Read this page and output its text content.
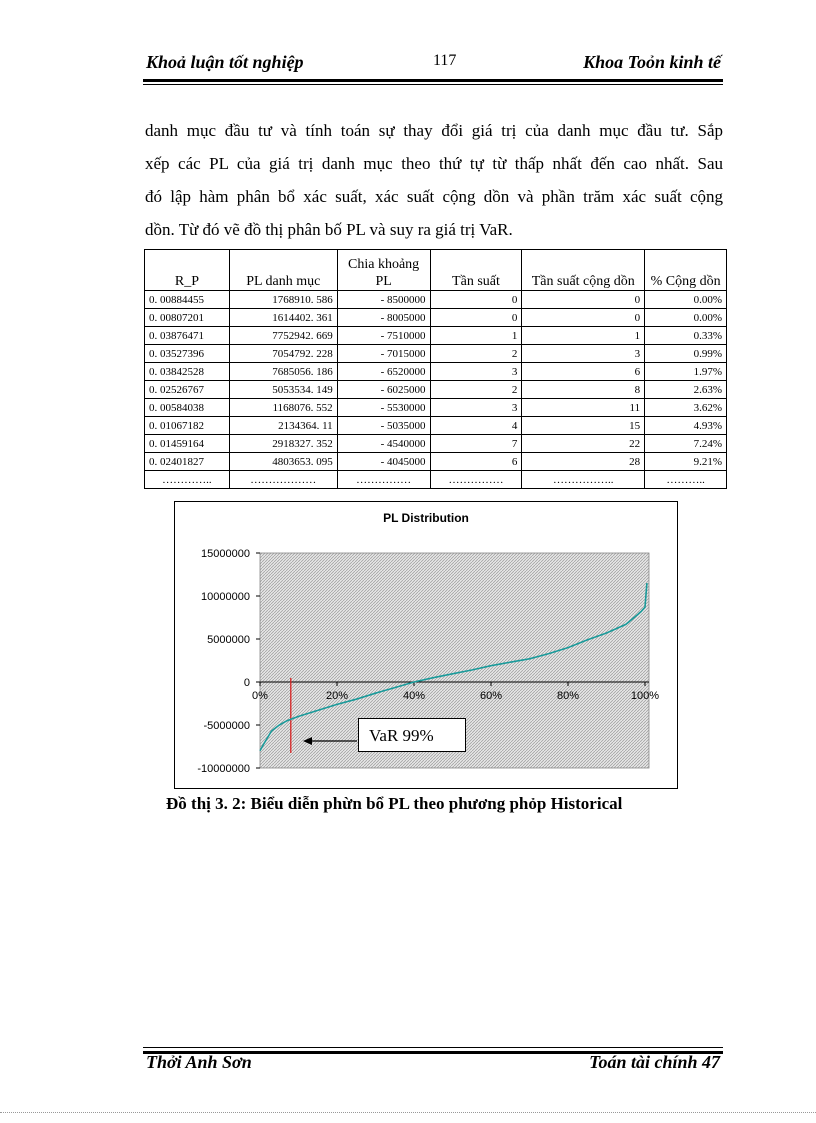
Khoả luận tốt nghiệp	117	Khoa Toỏn kinh tế
danh mục đầu tư và tính toán sự thay đổi giá trị của danh mục đầu tư. Sắp
xếp các PL của giá trị danh mục theo thứ tự từ thấp nhất đến cao nhất. Sau
đó lập hàm phân bổ xác suất, xác suất cộng dồn và phần trăm xác suất cộng
dồn. Từ đó vẽ đồ thị phân bố PL và suy ra giá trị VaR.
R_P	PL danh mục	Chia khoảng PL	Tần suất	Tần suất cộng dồn	% Cộng dồn
0. 00884455	1768910. 586	- 8500000	0	0	0.00%
0. 00807201	1614402. 361	- 8005000	0	0	0.00%
0. 03876471	7752942. 669	- 7510000	1	1	0.33%
0. 03527396	7054792. 228	- 7015000	2	3	0.99%
0. 03842528	7685056. 186	- 6520000	3	6	1.97%
0. 02526767	5053534. 149	- 6025000	2	8	2.63%
0. 00584038	1168076. 552	- 5530000	3	11	3.62%
0. 01067182	2134364. 11	- 5035000	4	15	4.93%
0. 01459164	2918327. 352	- 4540000	7	22	7.24%
0. 02401827	4803653. 095	- 4045000	6	28	9.21%
…………..	………………	……………	……………	……………..	………..
PL Distribution
15000000
10000000
5000000
0
-5000000
-10000000
0%	20%	40%	60%	80%	100%
VaR 99%
Đồ thị 3. 2: Biểu diễn phừn bổ PL theo phương phỏp Historical
Thởi Anh Sơn	Toán tài chính 47
